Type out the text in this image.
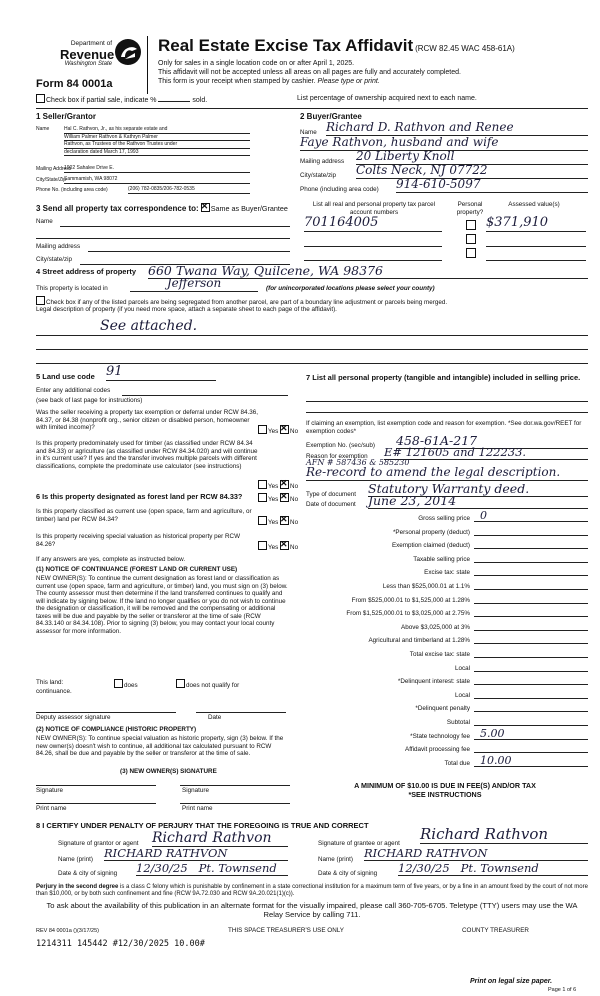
Department of
Revenue
Washington State
Form 84 0001a
Real Estate Excise Tax Affidavit (RCW 82.45 WAC 458-61A)
Only for sales in a single location code on or after April 1, 2025.
This affidavit will not be accepted unless all areas on all pages are fully and accurately completed.
This form is your receipt when stamped by cashier. Please type or print.
Check box if partial sale, indicate %	sold.	List percentage of ownership acquired next to each name.
1 Seller/Grantor
Name	Hal C. Rathvon, Jr., as his separate estate and
William Palmer Rathvon & Kathryn Palmer
Rathvon, as Trustees of the Rathvon Trustes under
declaration dated March 17, 1993
Mailing Address
1902 Sahalee Drive E.
City/State/Zip
Sammamish, WA 98072
Phone No. (including area code)	(206) 782-0835/206-782-0535
2 Buyer/Grantee
Name Richard D. Rathvon and Renee
Faye Rathvon, husband and wife
Mailing address 20 Liberty Knoll
City/state/zip Colts Neck, NJ 07722
Phone (including area code) 914-610-5097
3 Send all property tax correspondence to: ✕ Same as Buyer/Grantee
Name
Mailing address
City/state/zip
List all real and personal property tax parcel account numbers
Personal property?
Assessed value(s)
701164005	$371,910
4 Street address of property 660 Twana Way, Quilcene, WA 98376
This property is located in	Jefferson	(for unincorporated locations please select your county)
Check box if any of the listed parcels are being segregated from another parcel, are part of a boundary line adjustment or parcels being merged.
Legal description of property (if you need more space, attach a separate sheet to each page of the affidavit).
See attached.
5 Land use code 91
Enter any additional codes
(see back of last page for instructions)
Was the seller receiving a property tax exemption or deferral under RCW 84.36, 84.37, or 84.38 (nonprofit org., senior citizen or disabled person, homeowner with limited income)?
Yes ✕ No
Is this property predominately used for timber (as classified under RCW 84.34 and 84.33) or agriculture (as classified under RCW 84.34.020) and will continue in it's current use? If yes and the transfer involves multiple parcels with different classifications, complete the predominate use calculator (see instructions)
Yes ✕ No
6 Is this property designated as forest land per RCW 84.33?	Yes ✕ No
Is this property classified as current use (open space, farm and agriculture, or timber) land per RCW 84.34?	Yes ✕ No
Is this property receiving special valuation as historical property per RCW 84.26?	Yes ✕ No
If any answers are yes, complete as instructed below.
(1) NOTICE OF CONTINUANCE (FOREST LAND OR CURRENT USE)
NEW OWNER(S): To continue the current designation as forest land or classification as current use (open space, farm and agriculture, or timber) land, you must sign on (3) below. The county assessor must then determine if the land transferred continues to qualify and will indicate by signing below. If the land no longer qualifies or you do not wish to continue the designation or classification, it will be removed and the compensating or additional taxes will be due and payable by the seller or transferor at the time of sale (RCW 84.33.140 or 84.34.108). Prior to signing (3) below, you may contact your local county assessor for more information.
This land:	does	does not qualify for
continuance.
Deputy assessor signature	Date
(2) NOTICE OF COMPLIANCE (HISTORIC PROPERTY)
NEW OWNER(S): To continue special valuation as historic property, sign (3) below. If the new owner(s) doesn't wish to continue, all additional tax calculated pursuant to RCW 84.26, shall be due and payable by the seller or transferor at the time of sale.
(3) NEW OWNER(S) SIGNATURE
Signature	Signature
Print name	Print name
7 List all personal property (tangible and intangible) included in selling price.
If claiming an exemption, list exemption code and reason for exemption. *See dor.wa.gov/REET for exemption codes*
Exemption No. (sec/sub) 458-61A-217
Reason for exemption E# 121605 and 122233.
AFN # 587436 & 585230
Re-record to amend the legal description.
Type of document Statutory Warranty deed.
Date of document June 23, 2014
Gross selling price 0
*Personal property (deduct)
Exemption claimed (deduct)
Taxable selling price
Excise tax: state
Less than $525,000.01 at 1.1%
From $525,000.01 to $1,525,000 at 1.28%
From $1,525,000.01 to $3,025,000 at 2.75%
Above $3,025,000 at 3%
Agricultural and timberland at 1.28%
Total excise tax: state
Local
*Delinquent interest: state
Local
*Delinquent penalty
Subtotal
*State technology fee 5.00
Affidavit processing fee
Total due 10.00
A MINIMUM OF $10.00 IS DUE IN FEE(S) AND/OR TAX
*SEE INSTRUCTIONS
8 I CERTIFY UNDER PENALTY OF PERJURY THAT THE FOREGOING IS TRUE AND CORRECT
Signature of grantor or agent Richard Rathvon
Name (print) RICHARD RATHVON
Date & city of signing 12/30/25 Pt. Townsend
Signature of grantee or agent
Richard Rathvon
Name (print) RICHARD RATHVON
Date & city of signing 12/30/25 Pt. Townsend
Perjury in the second degree is a class C felony which is punishable by confinement in a state correctional institution for a maximum term of five years, or by a fine in an amount fixed by the court of not more than $10,000, or by both such confinement and fine (RCW 9A.72.030 and RCW 9A.20.021(1)(c)).
To ask about the availability of this publication in an alternate format for the visually impaired, please call 360-705-6705. Teletype (TTY) users may use the WA Relay Service by calling 711.
REV 84 0001a ()(3/17/25)	THIS SPACE TREASURER'S USE ONLY	COUNTY TREASURER
1214311 145442 #12/30/2025 10.00#
Print on legal size paper.
Page 1 of 6
